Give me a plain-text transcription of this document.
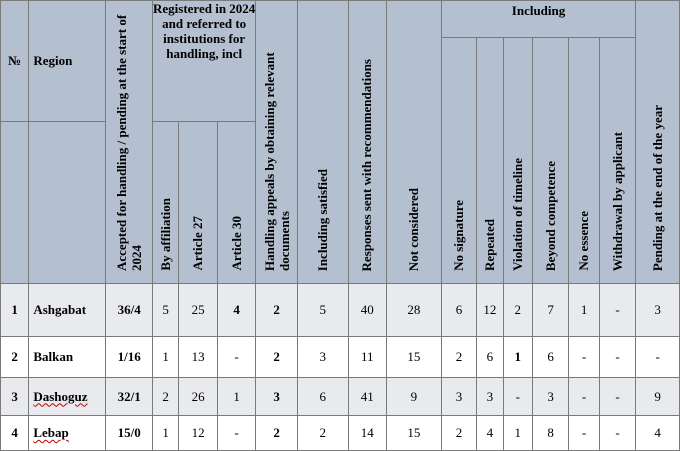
№	Region	Accepted for handling / pending at the start of 2024	Registered in 2024 and referred to institutions for handling, incl			Handling appeals by obtaining relevant documents	Including satisfied	Responses sent with recommendations	Not considered	Including						Pending at the end of the year
										No signature	Repeated	Violation of timeline	Beyond competence	No essence	Withdrawal by applicant	
			By affiliation	Article 27	Article 30											
1	Ashgabat	36/4	5	25	4	2	5	40	28	6	12	2	7	1	-	3
2	Balkan	1/16	1	13	-	2	3	11	15	2	6	1	6	-	-	-
3	Dashoguz	32/1	2	26	1	3	6	41	9	3	3	-	3	-	-	9
4	Lebap	15/0	1	12	-	2	2	14	15	2	4	1	8	-	-	4
